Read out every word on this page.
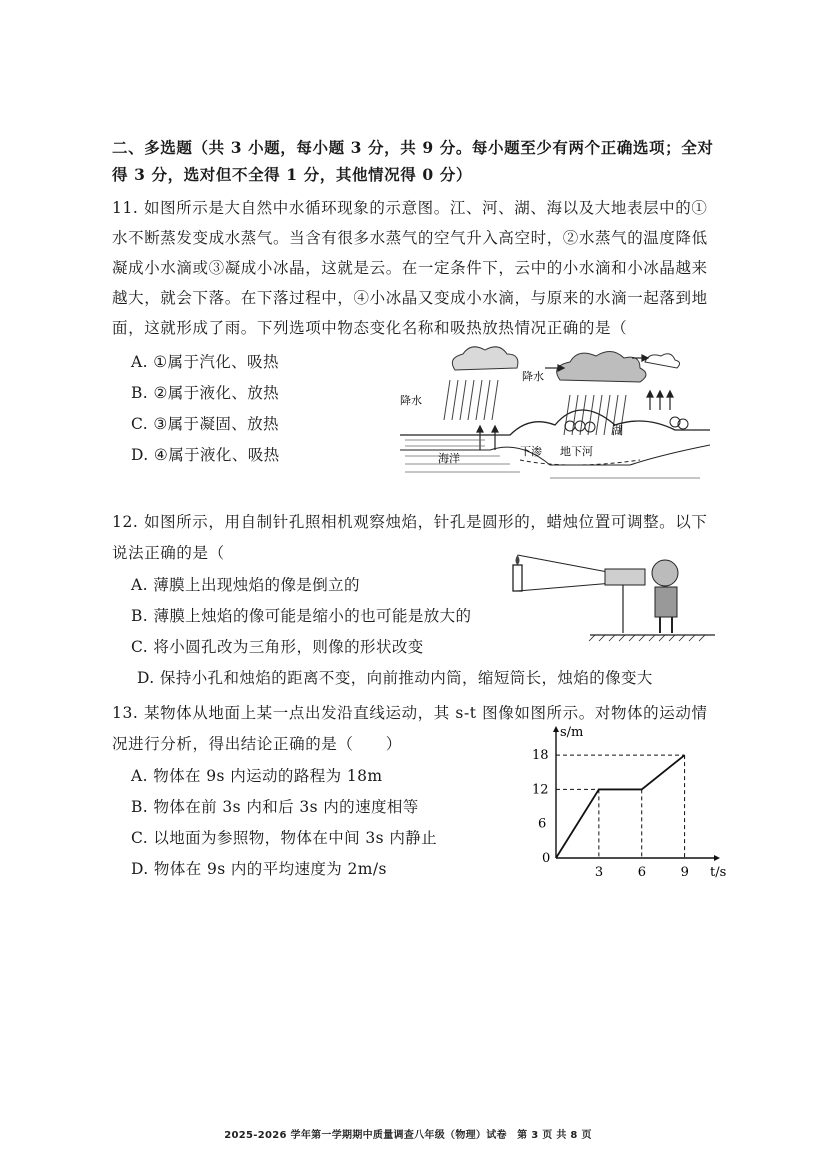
二、多选题（共 3 小题，每小题 3 分，共 9 分。每小题至少有两个正确选项；全对
得 3 分，选对但不全得 1 分，其他情况得 0 分）
11. 如图所示是大自然中水循环现象的示意图。江、河、湖、海以及大地表层中的①
水不断蒸发变成水蒸气。当含有很多水蒸气的空气升入高空时，②水蒸气的温度降低
凝成小水滴或③凝成小冰晶，这就是云。在一定条件下，云中的小水滴和小冰晶越来
越大，就会下落。在下落过程中，④小冰晶又变成小水滴，与原来的水滴一起落到地
面，这就形成了雨。下列选项中物态变化名称和吸热放热情况正确的是（
A. ①属于汽化、吸热
B. ②属于液化、放热
C. ③属于凝固、放热
D. ④属于液化、吸热
降水
降水
海洋
下渗 地下河
湖
12. 如图所示，用自制针孔照相机观察烛焰，针孔是圆形的，蜡烛位置可调整。以下
说法正确的是（
A. 薄膜上出现烛焰的像是倒立的
B. 薄膜上烛焰的像可能是缩小的也可能是放大的
C. 将小圆孔改为三角形，则像的形状改变
D. 保持小孔和烛焰的距离不变，向前推动内筒，缩短筒长，烛焰的像变大
13. 某物体从地面上某一点出发沿直线运动，其 s-t 图像如图所示。对物体的运动情
况进行分析，得出结论正确的是（　　）
A. 物体在 9s 内运动的路程为 18m
B. 物体在前 3s 内和后 3s 内的速度相等
C. 以地面为参照物，物体在中间 3s 内静止
D. 物体在 9s 内的平均速度为 2m/s
s/m
t/s
0
3	6	9
6
12
18
2025-2026 学年第一学期期中质量调查八年级（物理）试卷　第 3 页 共 8 页
